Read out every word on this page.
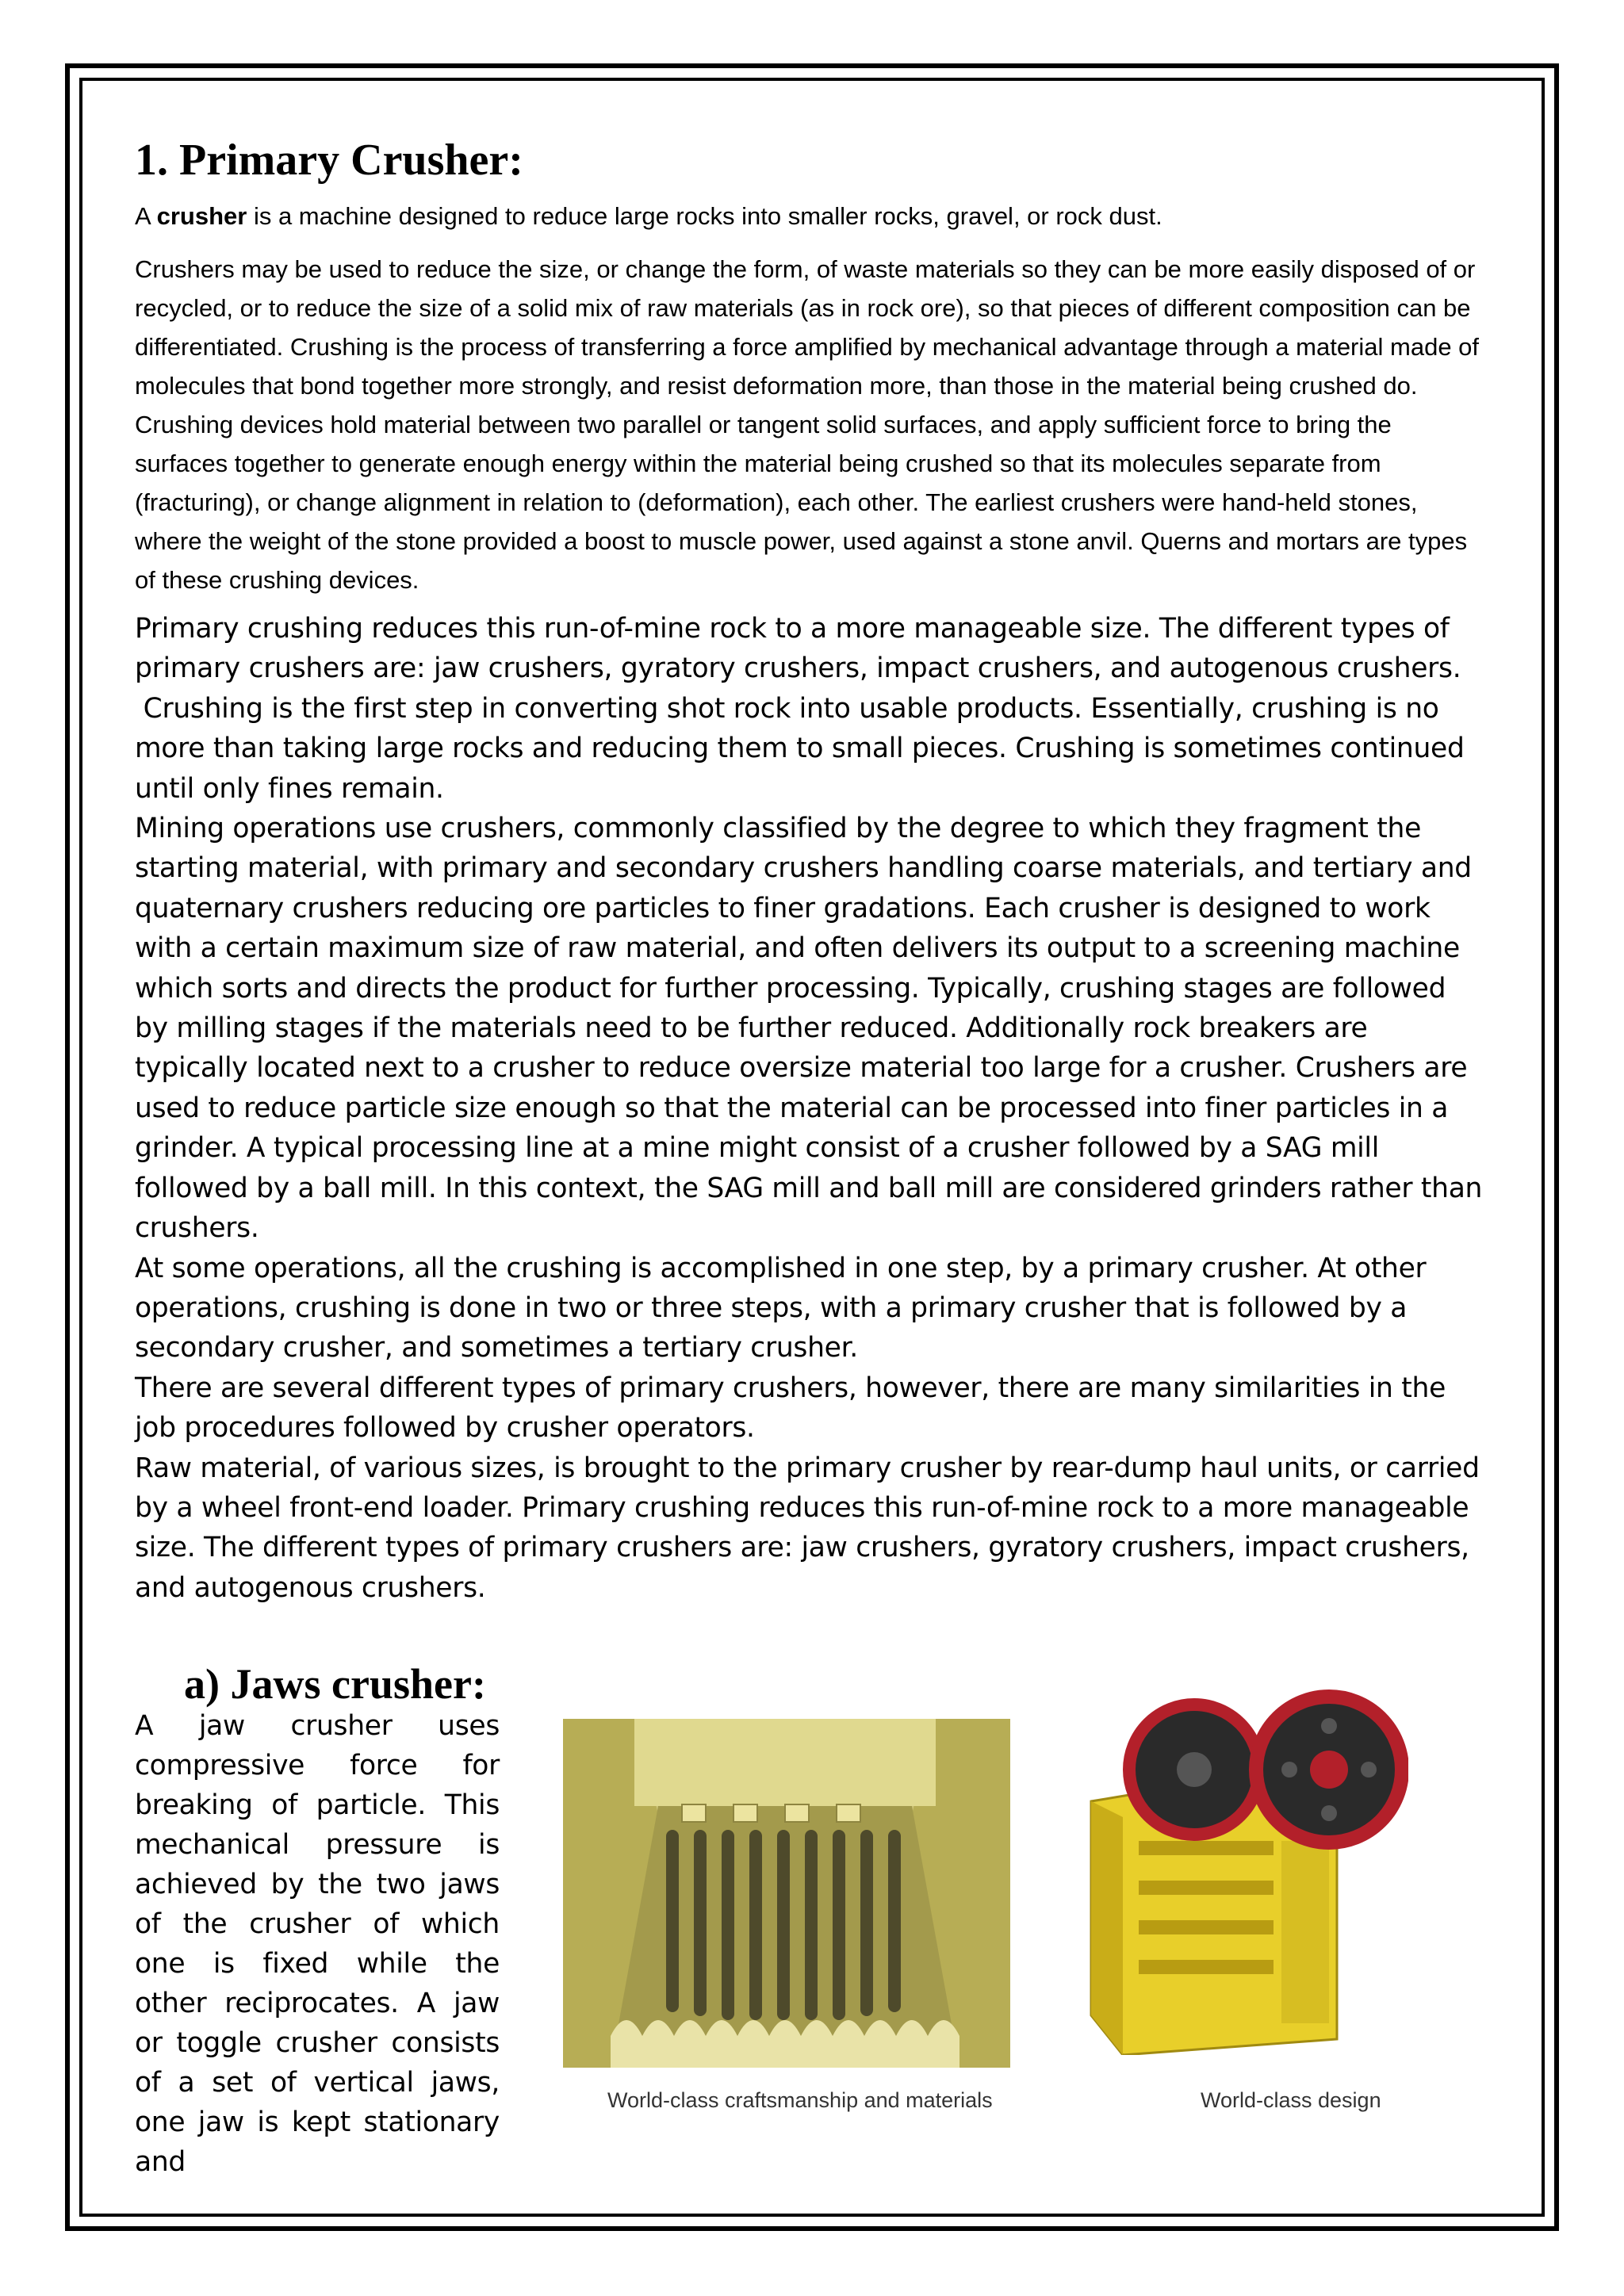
1. Primary Crusher:

A crusher is a machine designed to reduce large rocks into smaller rocks, gravel, or rock dust.

Crushers may be used to reduce the size, or change the form, of waste materials so they can be more easily disposed of or recycled, or to reduce the size of a solid mix of raw materials (as in rock ore), so that pieces of different composition can be differentiated. Crushing is the process of transferring a force amplified by mechanical advantage through a material made of molecules that bond together more strongly, and resist deformation more, than those in the material being crushed do. Crushing devices hold material between two parallel or tangent solid surfaces, and apply sufficient force to bring the surfaces together to generate enough energy within the material being crushed so that its molecules separate from (fracturing), or change alignment in relation to (deformation), each other. The earliest crushers were hand-held stones, where the weight of the stone provided a boost to muscle power, used against a stone anvil. Querns and mortars are types of these crushing devices.

Primary crushing reduces this run-of-mine rock to a more manageable size. The different types of primary crushers are: jaw crushers, gyratory crushers, impact crushers, and autogenous crushers.

Crushing is the first step in converting shot rock into usable products. Essentially, crushing is no more than taking large rocks and reducing them to small pieces. Crushing is sometimes continued until only fines remain.

Mining operations use crushers, commonly classified by the degree to which they fragment the starting material, with primary and secondary crushers handling coarse materials, and tertiary and quaternary crushers reducing ore particles to finer gradations. Each crusher is designed to work with a certain maximum size of raw material, and often delivers its output to a screening machine which sorts and directs the product for further processing. Typically, crushing stages are followed by milling stages if the materials need to be further reduced. Additionally rock breakers are typically located next to a crusher to reduce oversize material too large for a crusher. Crushers are used to reduce particle size enough so that the material can be processed into finer particles in a grinder. A typical processing line at a mine might consist of a crusher followed by a SAG mill followed by a ball mill. In this context, the SAG mill and ball mill are considered grinders rather than crushers.

At some operations, all the crushing is accomplished in one step, by a primary crusher. At other operations, crushing is done in two or three steps, with a primary crusher that is followed by a secondary crusher, and sometimes a tertiary crusher.

There are several different types of primary crushers, however, there are many similarities in the job procedures followed by crusher operators.

Raw material, of various sizes, is brought to the primary crusher by rear-dump haul units, or carried by a wheel front-end loader. Primary crushing reduces this run-of-mine rock to a more manageable size. The different types of primary crushers are: jaw crushers, gyratory crushers, impact crushers, and autogenous crushers.

a) Jaws crusher:
A jaw crusher uses compressive force for breaking of particle. This mechanical pressure is achieved by the two jaws of the crusher of which one is fixed while the other reciprocates. A jaw or toggle crusher consists of a set of vertical jaws, one jaw is kept stationary and
World-class craftsmanship and materials	World-class design
